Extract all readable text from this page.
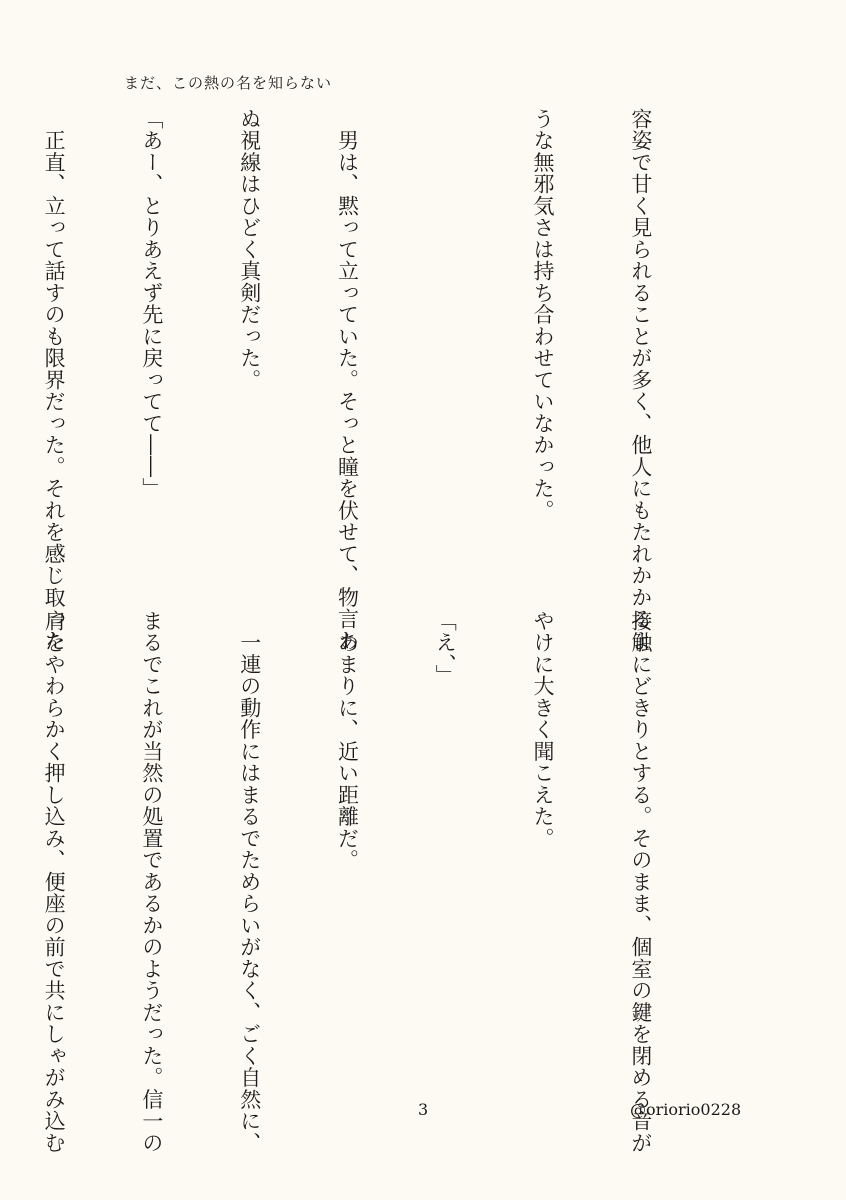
まだ、この熱の名を知らない

容姿で甘く見られることが多く、他人にもたれかかるよ

うな無邪気さは持ち合わせていなかった。

　男は、黙って立っていた。そっと瞳を伏せて、物言わ

ぬ視線はひどく真剣だった。

「あー、とりあえず先に戻ってて――」

　正直、立って話すのも限界だった。それを感じ取った

接触にどきりとする。そのまま、個室の鍵を閉める音が

やけに大きく聞こえた。

「え、」

　あまりに、近い距離だ。

　一連の動作にはまるでためらいがなく、ごく自然に、

まるでこれが当然の処置であるかのようだった。信一の

肩をやわらかく押し込み、便座の前で共にしゃがみ込む

	3	@oriorio0228
